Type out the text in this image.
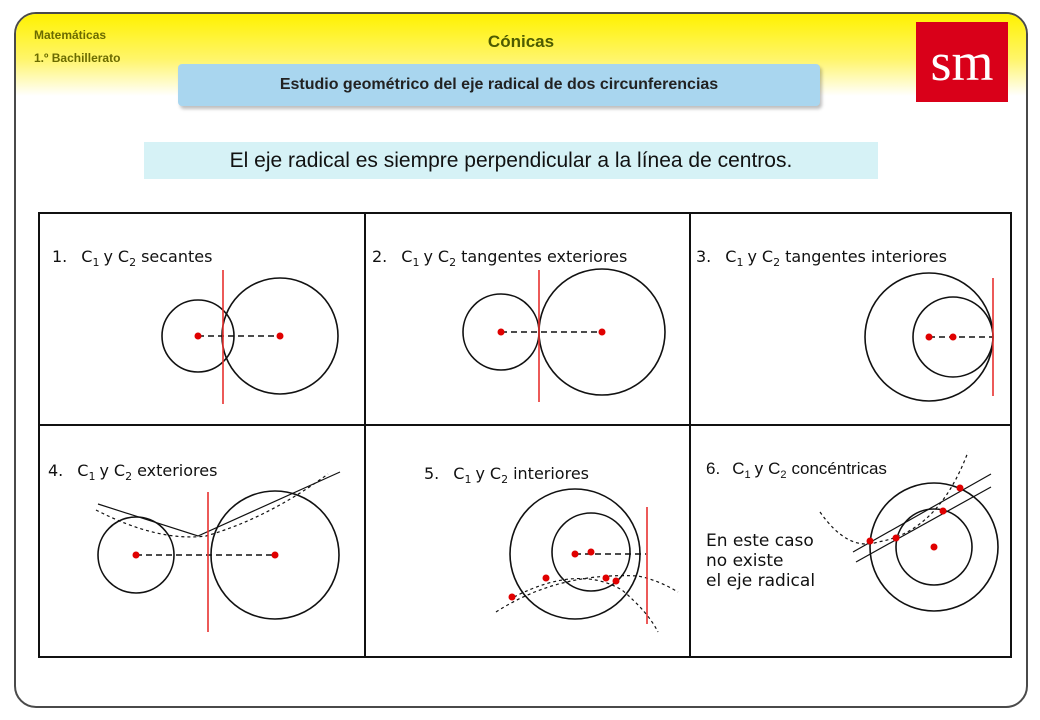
Matemáticas
1.º Bachillerato
Cónicas
Estudio geométrico del eje radical de dos circunferencias	sm
El eje radical es siempre perpendicular a la línea de centros.
1. $C_1$ y $C_2$ secantes	2. $C_1$ y $C_2$ tangentes exteriores	3. $C_1$ y $C_2$ tangentes interiores
4. $C_1$ y $C_2$ exteriores	5. $C_1$ y $C_2$ interiores	6. $C_1$ y $C_2$ concéntricas
En este caso
no existe
el eje radical
